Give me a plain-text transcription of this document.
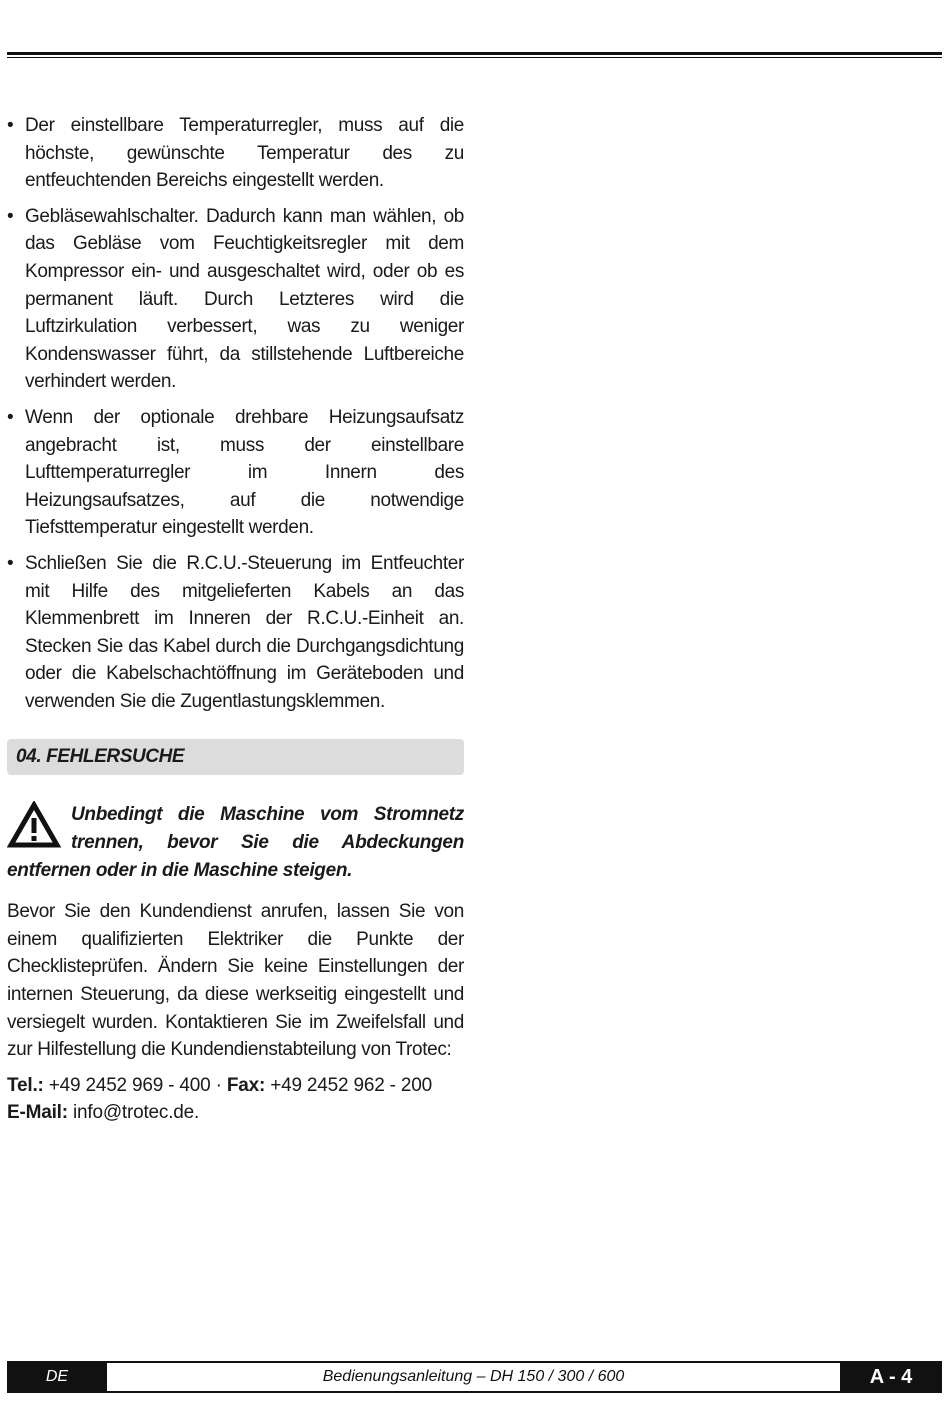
• Der einstellbare Temperaturregler, muss auf die höchste, gewünschte Temperatur des zu entfeuchtenden Bereichs eingestellt werden.
• Gebläsewahlschalter. Dadurch kann man wählen, ob das Gebläse vom Feuchtigkeitsregler mit dem Kompressor ein- und ausgeschaltet wird, oder ob es permanent läuft. Durch Letzteres wird die Luftzirkulation verbessert, was zu weniger Kondenswasser führt, da stillstehende Luftbereiche verhindert werden.
• Wenn der optionale drehbare Heizungsaufsatz angebracht ist, muss der einstellbare Lufttemperaturregler im Innern des Heizungsaufsatzes, auf die notwendige Tiefsttemperatur eingestellt werden.
• Schließen Sie die R.C.U.-Steuerung im Entfeuchter mit Hilfe des mitgelieferten Kabels an das Klemmenbrett im Inneren der R.C.U.-Einheit an. Stecken Sie das Kabel durch die Durchgangsdichtung oder die Kabelschachtöffnung im Geräteboden und verwenden Sie die Zugentlastungsklemmen.
04. FEHLERSUCHE
Unbedingt die Maschine vom Stromnetz trennen, bevor Sie die Abdeckungen entfernen oder in die Maschine steigen.
Bevor Sie den Kundendienst anrufen, lassen Sie von einem qualifizierten Elektriker die Punkte der Checklisteprüfen. Ändern Sie keine Einstellungen der internen Steuerung, da diese werkseitig eingestellt und versiegelt wurden. Kontaktieren Sie im Zweifelsfall und zur Hilfestellung die Kundendienstabteilung von Trotec:
Tel.: +49 2452 969 - 400 · Fax: +49 2452 962 - 200
E-Mail: info@trotec.de.
DE	Bedienungsanleitung – DH 150 / 300 / 600	A - 4
